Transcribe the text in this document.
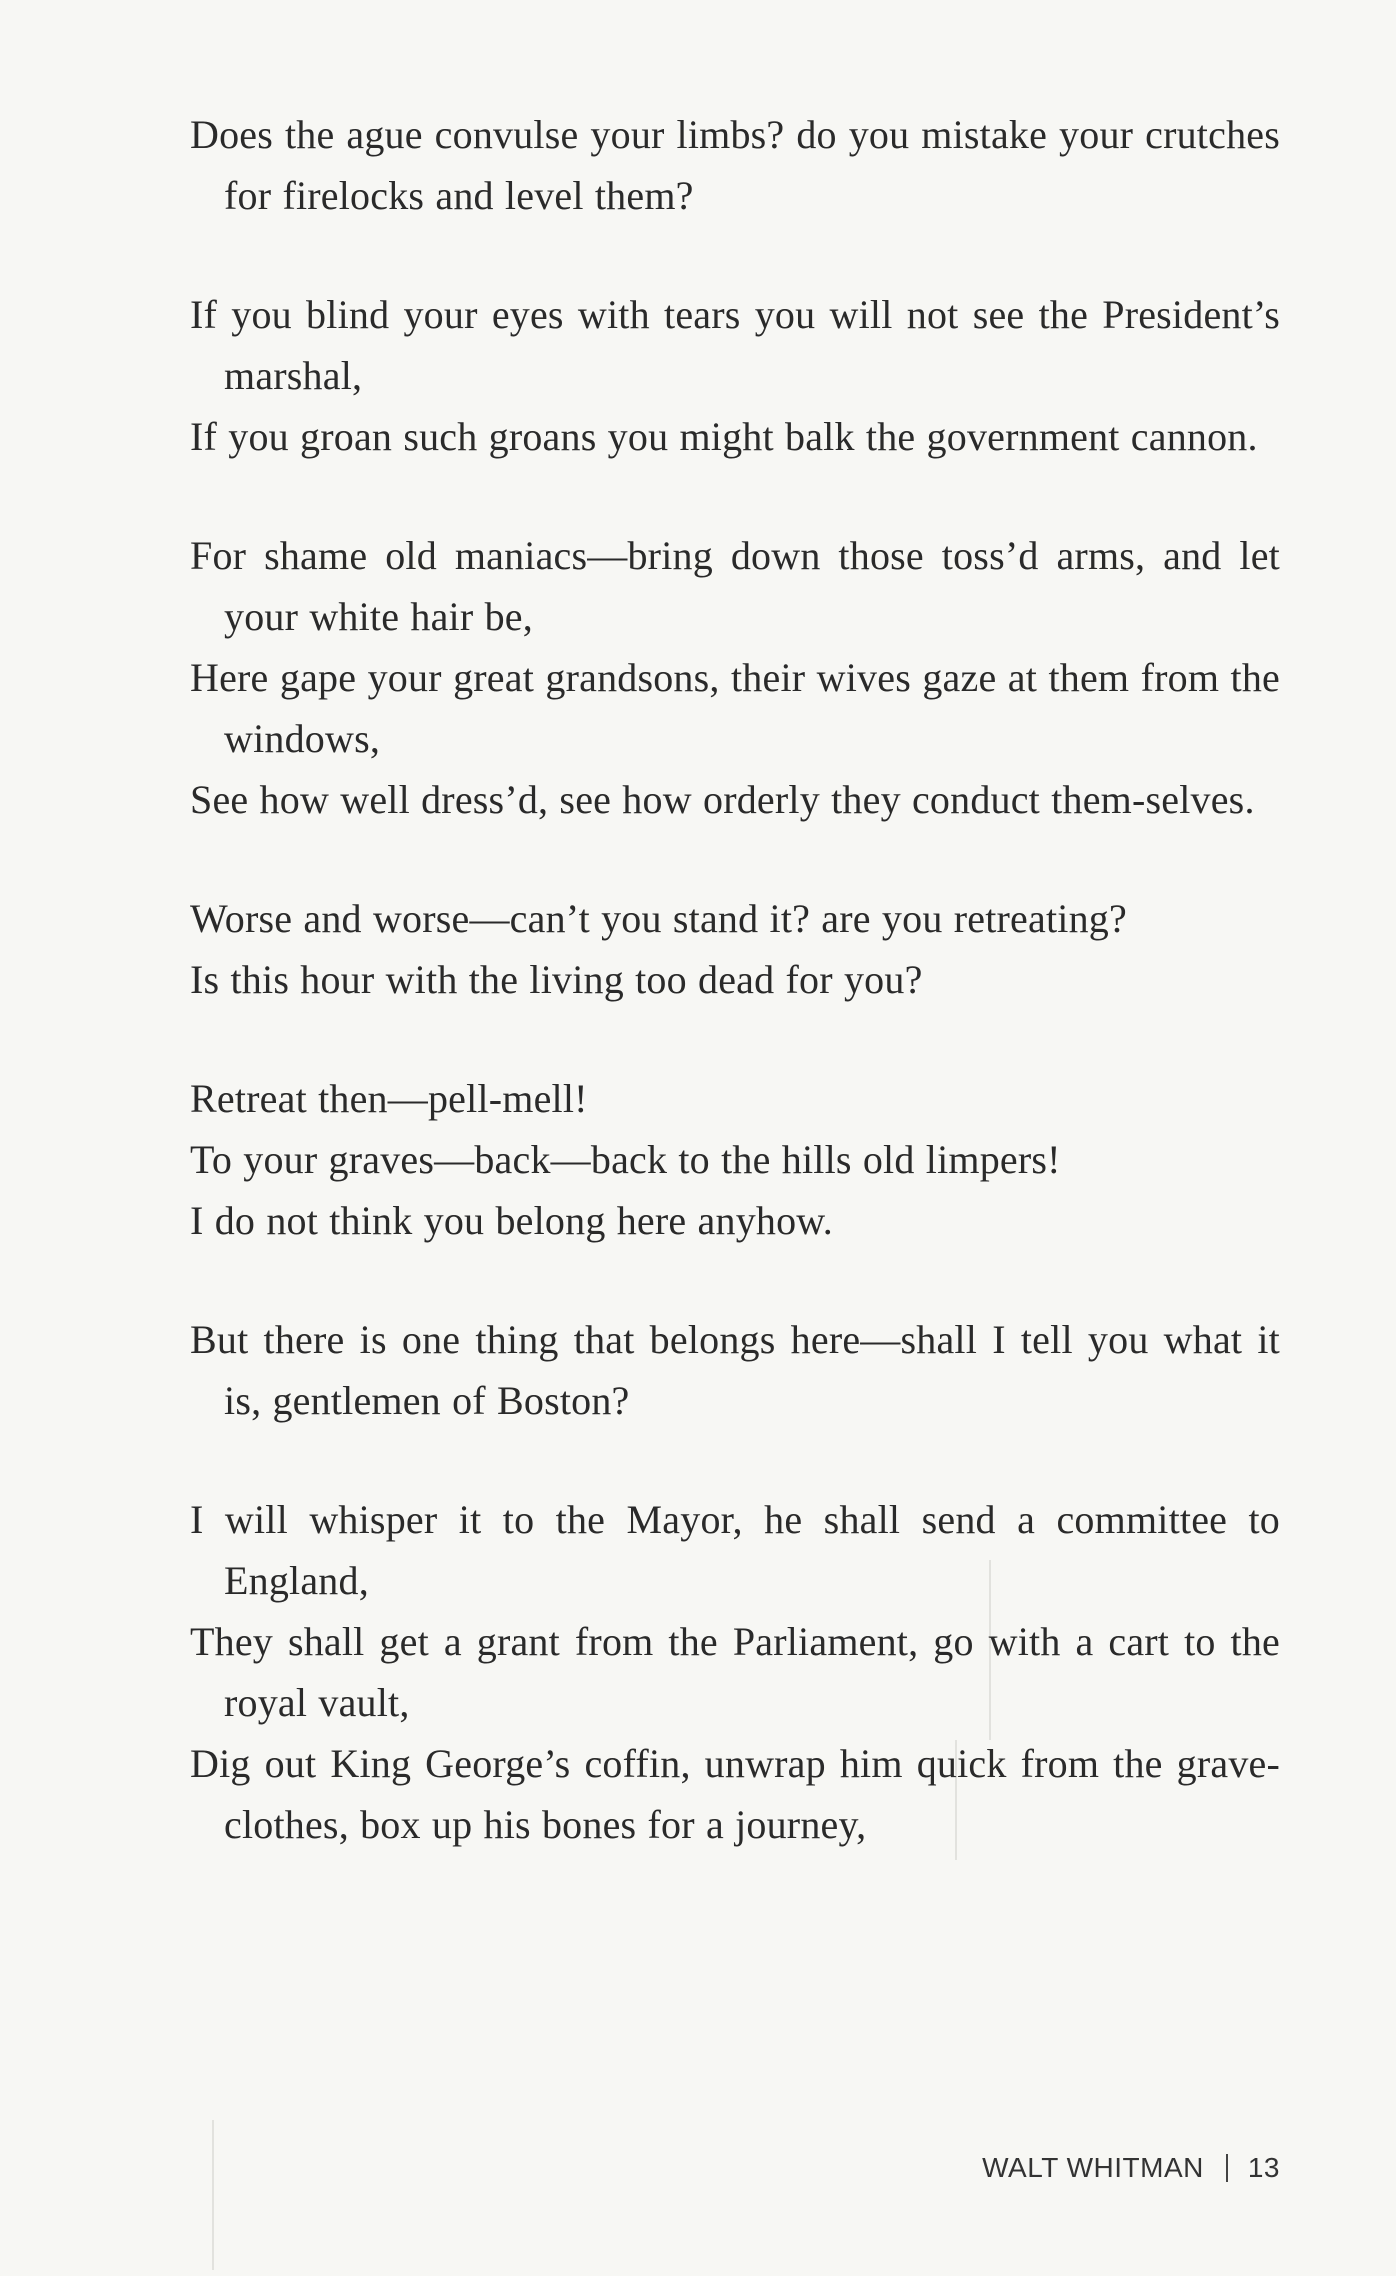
Does the ague convulse your limbs? do you mistake your crutches for firelocks and level them?
If you blind your eyes with tears you will not see the President’s marshal,
If you groan such groans you might balk the government cannon.
For shame old maniacs—bring down those toss’d arms, and let your white hair be,
Here gape your great grandsons, their wives gaze at them from the windows,
See how well dress’d, see how orderly they conduct them-selves.
Worse and worse—can’t you stand it? are you retreating?
Is this hour with the living too dead for you?
Retreat then—pell-mell!
To your graves—back—back to the hills old limpers!
I do not think you belong here anyhow.
But there is one thing that belongs here—shall I tell you what it is, gentlemen of Boston?
I will whisper it to the Mayor, he shall send a committee to England,
They shall get a grant from the Parliament, go with a cart to the royal vault,
Dig out King George’s coffin, unwrap him quick from the grave-clothes, box up his bones for a journey,
WALT WHITMAN 13
